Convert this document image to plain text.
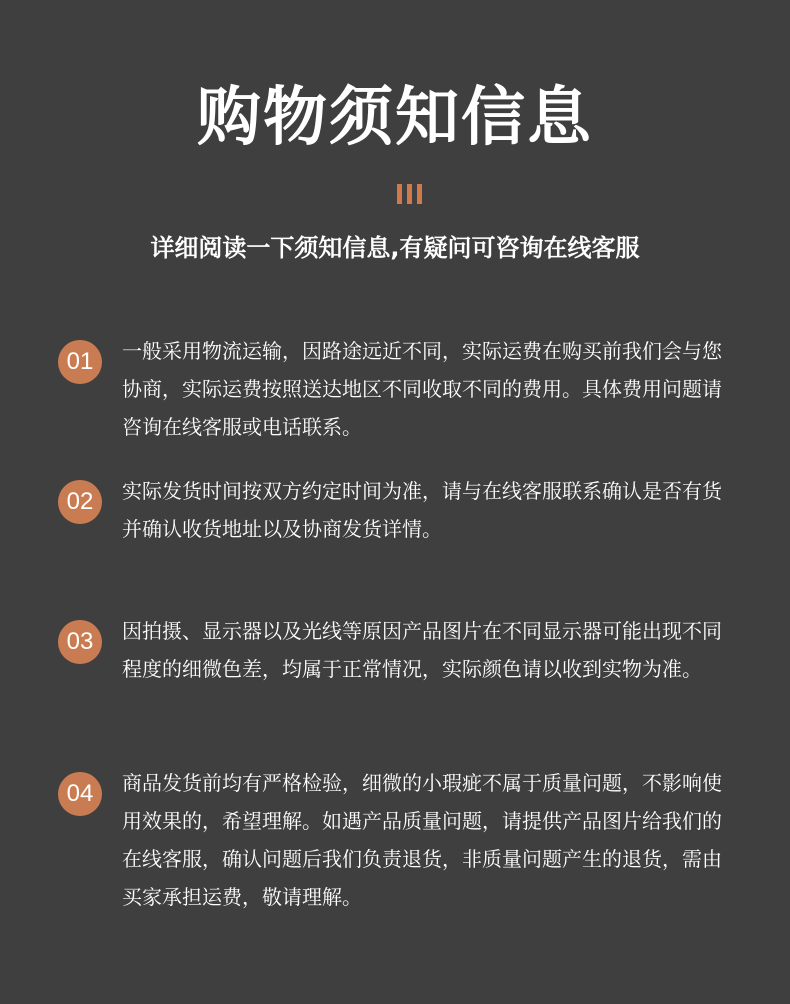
购物须知信息
详细阅读一下须知信息,有疑问可咨询在线客服
01	一般采用物流运输，因路途远近不同，实际运费在购买前我们会与您协商，实际运费按照送达地区不同收取不同的费用。具体费用问题请咨询在线客服或电话联系。

02	实际发货时间按双方约定时间为准，请与在线客服联系确认是否有货并确认收货地址以及协商发货详情。

03	因拍摄、显示器以及光线等原因产品图片在不同显示器可能出现不同程度的细微色差，均属于正常情况，实际颜色请以收到实物为准。

04	商品发货前均有严格检验，细微的小瑕疵不属于质量问题，不影响使用效果的，希望理解。如遇产品质量问题，请提供产品图片给我们的在线客服，确认问题后我们负责退货，非质量问题产生的退货，需由买家承担运费，敬请理解。
